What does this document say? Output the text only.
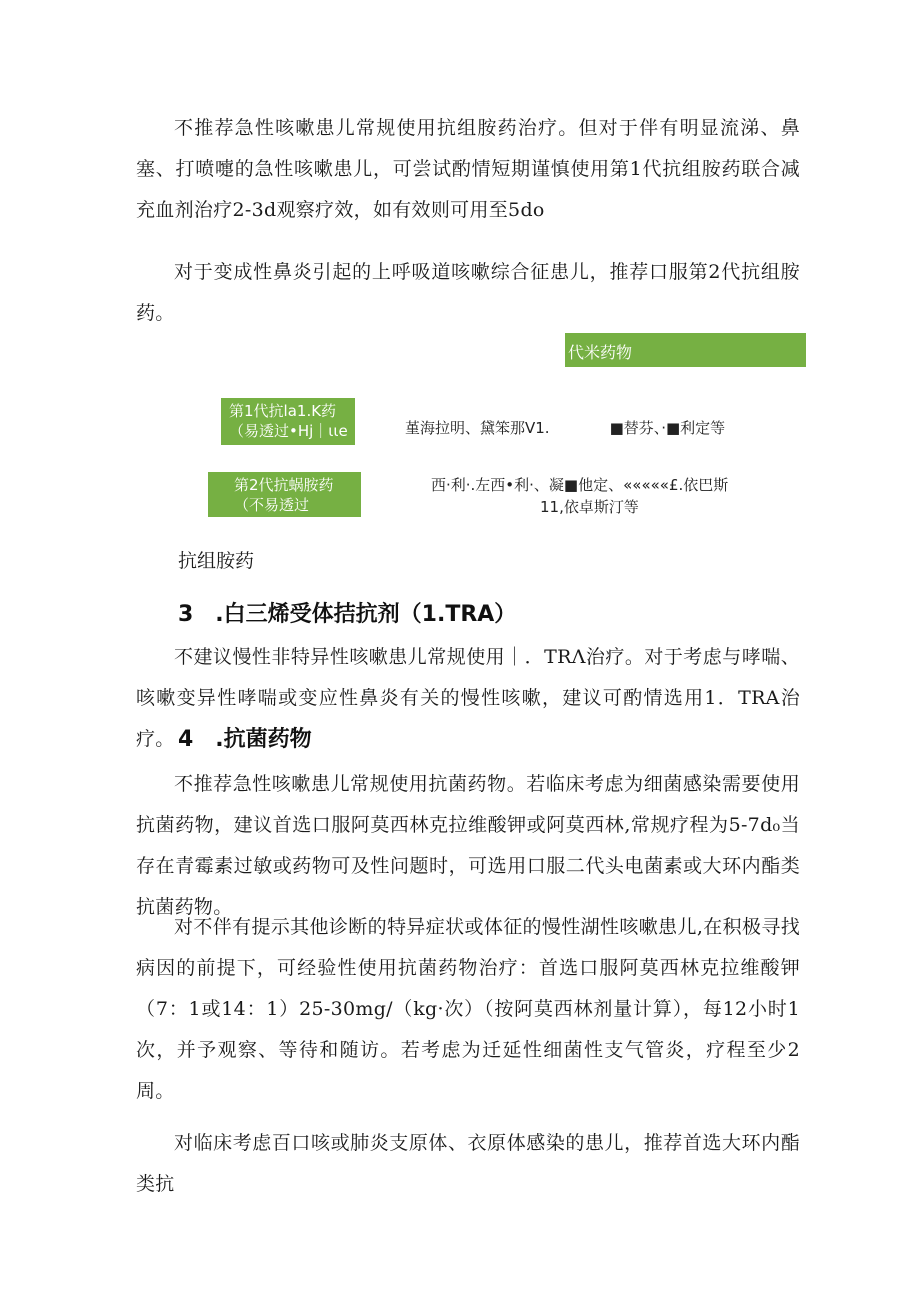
不推荐急性咳嗽患儿常规使用抗组胺药治疗。但对于伴有明显流涕、鼻塞、打喷嚏的急性咳嗽患儿，可尝试酌情短期谨慎使用第1代抗组胺药联合减充血剂治疗2-3d观察疗效，如有效则可用至5do

对于变成性鼻炎引起的上呼吸道咳嗽综合征患儿，推荐口服第2代抗组胺药。

代米药物
第1代抗la1.K药
（易透过•Hj｜ιιe	堇海拉明、黛笨那V1.　　　　■替芬、·■利定等
第2代抗蜗胺药
（不易透过
西·利·.左西•利·、凝■他定、«««««£.依巴斯
11,依卓斯汀等

抗组胺药

3　.白三烯受体拮抗剂（1.TRA）

不建议慢性非特异性咳嗽患儿常规使用｜．TRΛ治疗。对于考虑与哮喘、咳嗽变异性哮喘或变应性鼻炎有关的慢性咳嗽，建议可酌情选用1．TRA治疗。 4　.抗菌药物

不推荐急性咳嗽患儿常规使用抗菌药物。若临床考虑为细菌感染需要使用抗菌药物，建议首选口服阿莫西林克拉维酸钾或阿莫西林,常规疗程为5-7d₀当存在青霉素过敏或药物可及性问题时，可选用口服二代头电菌素或大环内酯类抗菌药物。

对不伴有提示其他诊断的特异症状或体征的慢性湖性咳嗽患儿,在积极寻找病因的前提下，可经验性使用抗菌药物治疗：首选口服阿莫西林克拉维酸钾（7：1或14：1）25-30mg/（kg·次）（按阿莫西林剂量计算），每12小时1次，并予观察、等待和随访。若考虑为迁延性细菌性支气管炎，疗程至少2周。

对临床考虑百口咳或肺炎支原体、衣原体感染的患儿，推荐首选大环内酯类抗
